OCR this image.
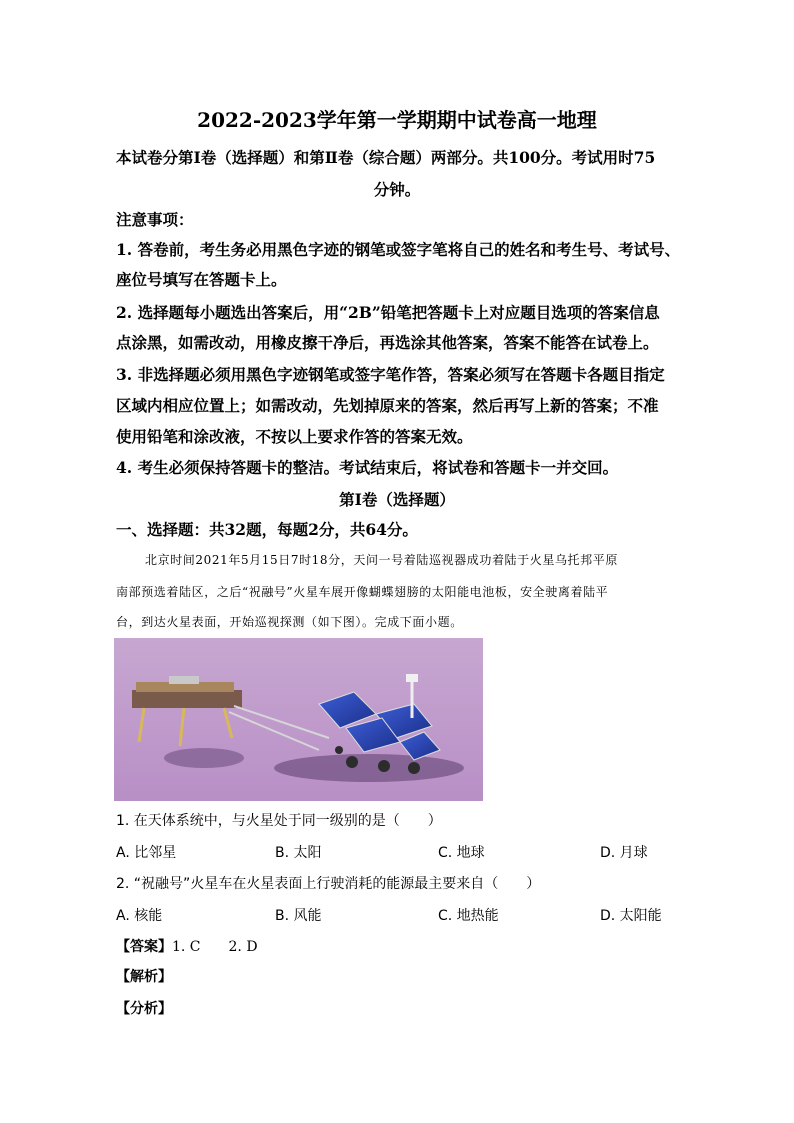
2022-2023学年第一学期期中试卷高一地理
本试卷分第Ⅰ卷（选择题）和第Ⅱ卷（综合题）两部分。共100分。考试用时75
分钟。
注意事项：
1. 答卷前，考生务必用黑色字迹的钢笔或签字笔将自己的姓名和考生号、考试号、
座位号填写在答题卡上。
2. 选择题每小题选出答案后，用“2B”铅笔把答题卡上对应题目选项的答案信息
点涂黑，如需改动，用橡皮擦干净后，再选涂其他答案，答案不能答在试卷上。
3. 非选择题必须用黑色字迹钢笔或签字笔作答，答案必须写在答题卡各题目指定
区域内相应位置上；如需改动，先划掉原来的答案，然后再写上新的答案；不准
使用铅笔和涂改液，不按以上要求作答的答案无效。
4. 考生必须保持答题卡的整洁。考试结束后，将试卷和答题卡一并交回。
第Ⅰ卷（选择题）
一、选择题：共32题，每题2分，共64分。
北京时间2021年5月15日7时18分，天问一号着陆巡视器成功着陆于火星乌托邦平原
南部预选着陆区，之后“祝融号”火星车展开像蝴蝶翅膀的太阳能电池板，安全驶离着陆平
台，到达火星表面，开始巡视探测（如下图）。完成下面小题。
1. 在天体系统中，与火星处于同一级别的是（　　）
A. 比邻星	B. 太阳	C. 地球	D. 月球
2. “祝融号”火星车在火星表面上行驶消耗的能源最主要来自（　　）
A. 核能	B. 风能	C. 地热能	D. 太阳能
【答案】1. C　　2. D
【解析】
【分析】
